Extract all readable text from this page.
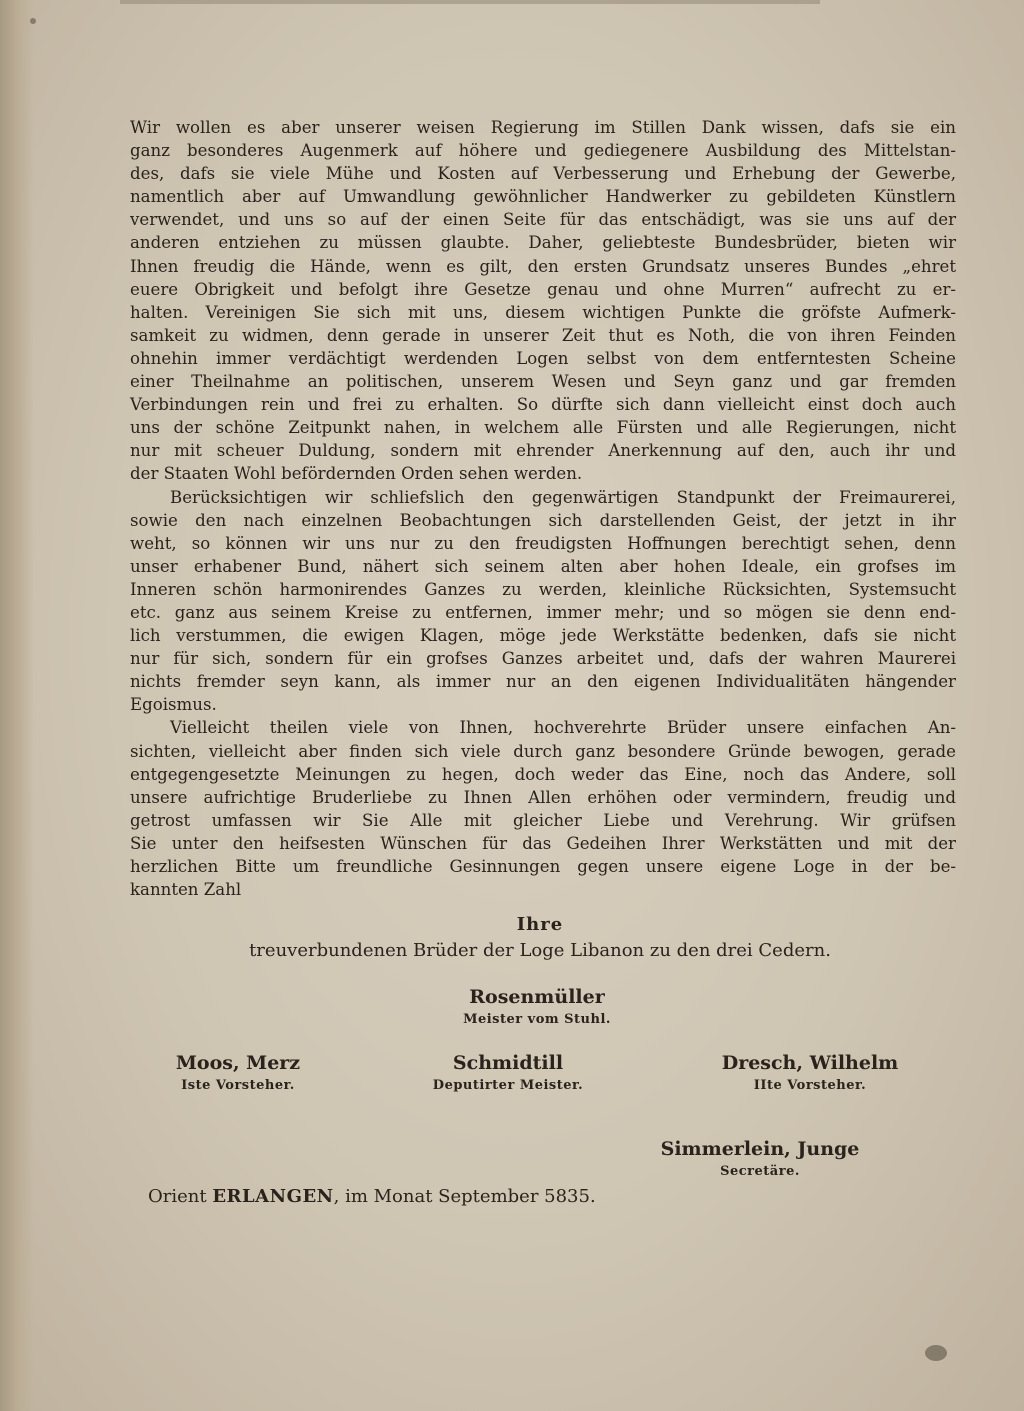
Wir wollen es aber unserer weisen Regierung im Stillen Dank wissen, dafs sie ein
ganz besonderes Augenmerk auf höhere und gediegenere Ausbildung des Mittelstan-
des, dafs sie viele Mühe und Kosten auf Verbesserung und Erhebung der Gewerbe,
namentlich aber auf Umwandlung gewöhnlicher Handwerker zu gebildeten Künstlern
verwendet, und uns so auf der einen Seite für das entschädigt, was sie uns auf der
anderen entziehen zu müssen glaubte. Daher, geliebteste Bundesbrüder, bieten wir
Ihnen freudig die Hände, wenn es gilt, den ersten Grundsatz unseres Bundes „ehret
euere Obrigkeit und befolgt ihre Gesetze genau und ohne Murren“ aufrecht zu er-
halten. Vereinigen Sie sich mit uns, diesem wichtigen Punkte die gröfste Aufmerk-
samkeit zu widmen, denn gerade in unserer Zeit thut es Noth, die von ihren Feinden
ohnehin immer verdächtigt werdenden Logen selbst von dem entferntesten Scheine
einer Theilnahme an politischen, unserem Wesen und Seyn ganz und gar fremden
Verbindungen rein und frei zu erhalten. So dürfte sich dann vielleicht einst doch auch
uns der schöne Zeitpunkt nahen, in welchem alle Fürsten und alle Regierungen, nicht
nur mit scheuer Duldung, sondern mit ehrender Anerkennung auf den, auch ihr und
der Staaten Wohl befördernden Orden sehen werden.
Berücksichtigen wir schliefslich den gegenwärtigen Standpunkt der Freimaurerei,
sowie den nach einzelnen Beobachtungen sich darstellenden Geist, der jetzt in ihr
weht, so können wir uns nur zu den freudigsten Hoffnungen berechtigt sehen, denn
unser erhabener Bund, nähert sich seinem alten aber hohen Ideale, ein grofses im
Inneren schön harmonirendes Ganzes zu werden, kleinliche Rücksichten, Systemsucht
etc. ganz aus seinem Kreise zu entfernen, immer mehr; und so mögen sie denn end-
lich verstummen, die ewigen Klagen, möge jede Werkstätte bedenken, dafs sie nicht
nur für sich, sondern für ein grofses Ganzes arbeitet und, dafs der wahren Maurerei
nichts fremder seyn kann, als immer nur an den eigenen Individualitäten hängender
Egoismus.
Vielleicht theilen viele von Ihnen, hochverehrte Brüder unsere einfachen An-
sichten, vielleicht aber finden sich viele durch ganz besondere Gründe bewogen, gerade
entgegengesetzte Meinungen zu hegen, doch weder das Eine, noch das Andere, soll
unsere aufrichtige Bruderliebe zu Ihnen Allen erhöhen oder vermindern, freudig und
getrost umfassen wir Sie Alle mit gleicher Liebe und Verehrung. Wir grüfsen
Sie unter den heifsesten Wünschen für das Gedeihen Ihrer Werkstätten und mit der
herzlichen Bitte um freundliche Gesinnungen gegen unsere eigene Loge in der be-
kannten Zahl
Ihre
treuverbundenen Brüder der Loge Libanon zu den drei Cedern.
Rosenmüller
Meister vom Stuhl.
Moos, Merz
Iste Vorsteher.
Schmidtill
Deputirter Meister.
Dresch, Wilhelm
IIte Vorsteher.
Simmerlein, Junge
Secretäre.
Orient ERLANGEN, im Monat September 5835.
